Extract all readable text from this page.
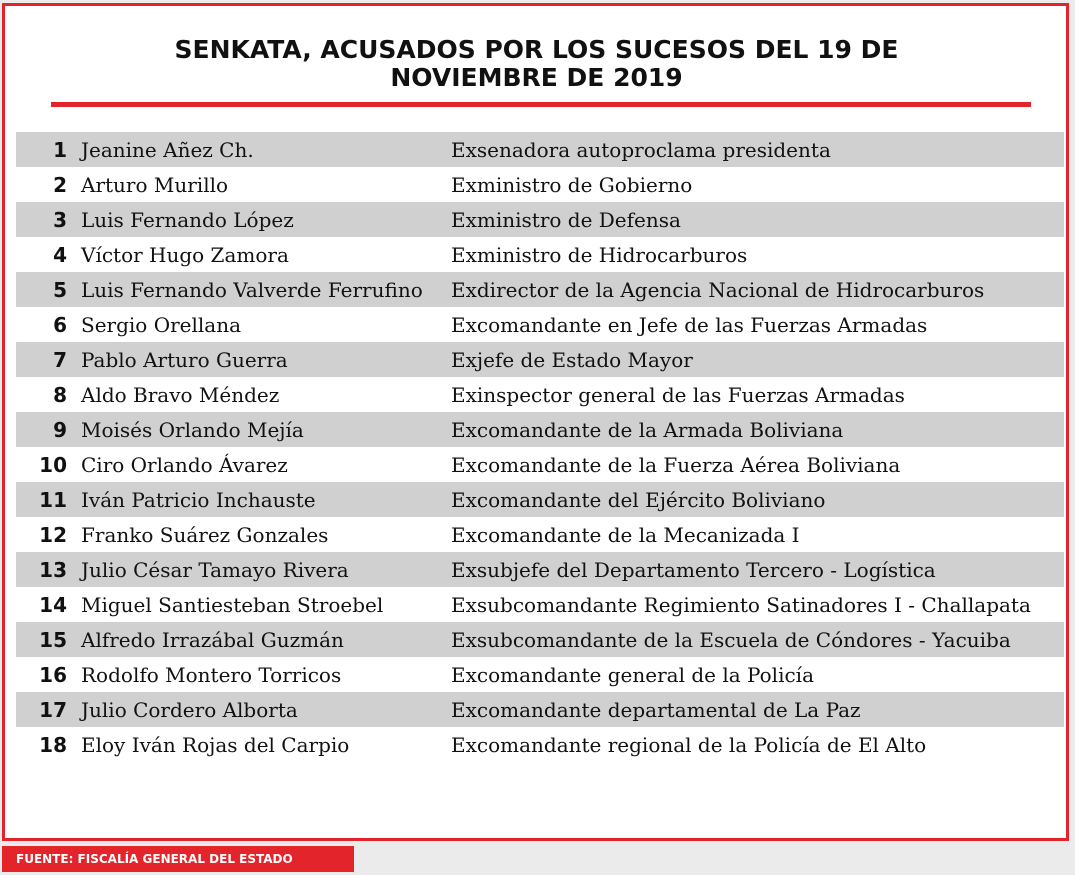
SENKATA, ACUSADOS POR LOS SUCESOS DEL 19 DE
NOVIEMBRE DE 2019
1 Jeanine Añez Ch.	Exsenadora autoproclama presidenta
2 Arturo Murillo	Exministro de Gobierno
3 Luis Fernando López	Exministro de Defensa
4 Víctor Hugo Zamora	Exministro de Hidrocarburos
5 Luis Fernando Valverde Ferrufino	Exdirector de la Agencia Nacional de Hidrocarburos
6 Sergio Orellana	Excomandante en Jefe de las Fuerzas Armadas
7 Pablo Arturo Guerra	Exjefe de Estado Mayor
8 Aldo Bravo Méndez	Exinspector general de las Fuerzas Armadas
9 Moisés Orlando Mejía	Excomandante de la Armada Boliviana
10 Ciro Orlando Ávarez	Excomandante de la Fuerza Aérea Boliviana
11 Iván Patricio Inchauste	Excomandante del Ejército Boliviano
12 Franko Suárez Gonzales	Excomandante de la Mecanizada I
13 Julio César Tamayo Rivera	Exsubjefe del Departamento Tercero - Logística
14 Miguel Santiesteban Stroebel	Exsubcomandante Regimiento Satinadores I - Challapata
15 Alfredo Irrazábal Guzmán	Exsubcomandante de la Escuela de Cóndores - Yacuiba
16 Rodolfo Montero Torricos	Excomandante general de la Policía
17 Julio Cordero Alborta	Excomandante departamental de La Paz
18 Eloy Iván Rojas del Carpio	Excomandante regional de la Policía de El Alto
FUENTE: FISCALÍA GENERAL DEL ESTADO
